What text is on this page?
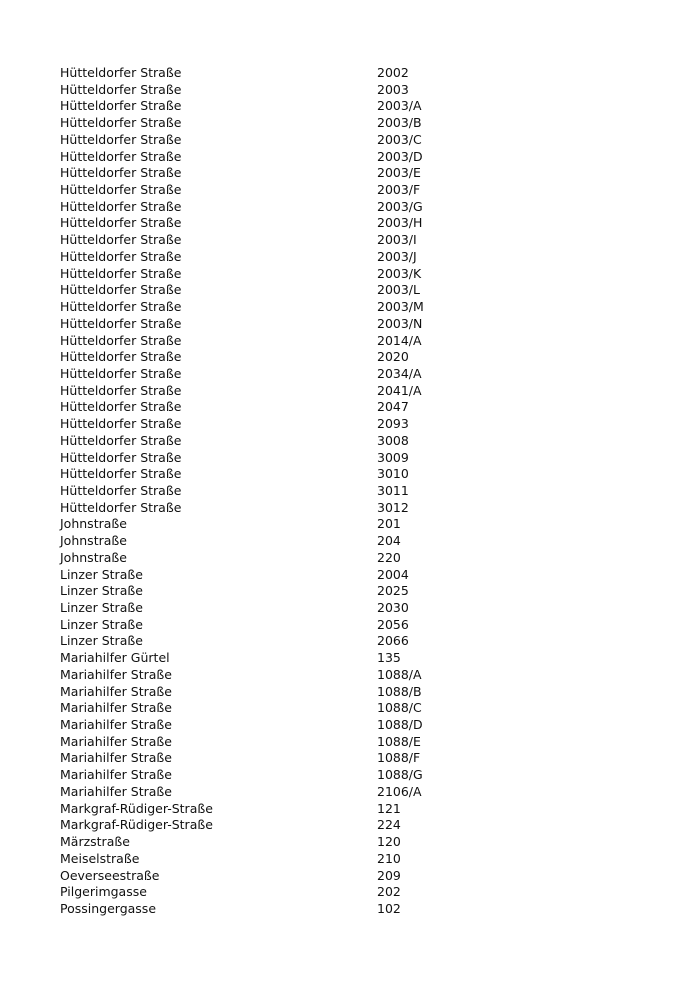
Hütteldorfer Straße	2002
Hütteldorfer Straße	2003
Hütteldorfer Straße	2003/A
Hütteldorfer Straße	2003/B
Hütteldorfer Straße	2003/C
Hütteldorfer Straße	2003/D
Hütteldorfer Straße	2003/E
Hütteldorfer Straße	2003/F
Hütteldorfer Straße	2003/G
Hütteldorfer Straße	2003/H
Hütteldorfer Straße	2003/I
Hütteldorfer Straße	2003/J
Hütteldorfer Straße	2003/K
Hütteldorfer Straße	2003/L
Hütteldorfer Straße	2003/M
Hütteldorfer Straße	2003/N
Hütteldorfer Straße	2014/A
Hütteldorfer Straße	2020
Hütteldorfer Straße	2034/A
Hütteldorfer Straße	2041/A
Hütteldorfer Straße	2047
Hütteldorfer Straße	2093
Hütteldorfer Straße	3008
Hütteldorfer Straße	3009
Hütteldorfer Straße	3010
Hütteldorfer Straße	3011
Hütteldorfer Straße	3012
Johnstraße	201
Johnstraße	204
Johnstraße	220
Linzer Straße	2004
Linzer Straße	2025
Linzer Straße	2030
Linzer Straße	2056
Linzer Straße	2066
Mariahilfer Gürtel	135
Mariahilfer Straße	1088/A
Mariahilfer Straße	1088/B
Mariahilfer Straße	1088/C
Mariahilfer Straße	1088/D
Mariahilfer Straße	1088/E
Mariahilfer Straße	1088/F
Mariahilfer Straße	1088/G
Mariahilfer Straße	2106/A
Markgraf-Rüdiger-Straße	121
Markgraf-Rüdiger-Straße	224
Märzstraße	120
Meiselstraße	210
Oeverseestraße	209
Pilgerimgasse	202
Possingergasse	102
